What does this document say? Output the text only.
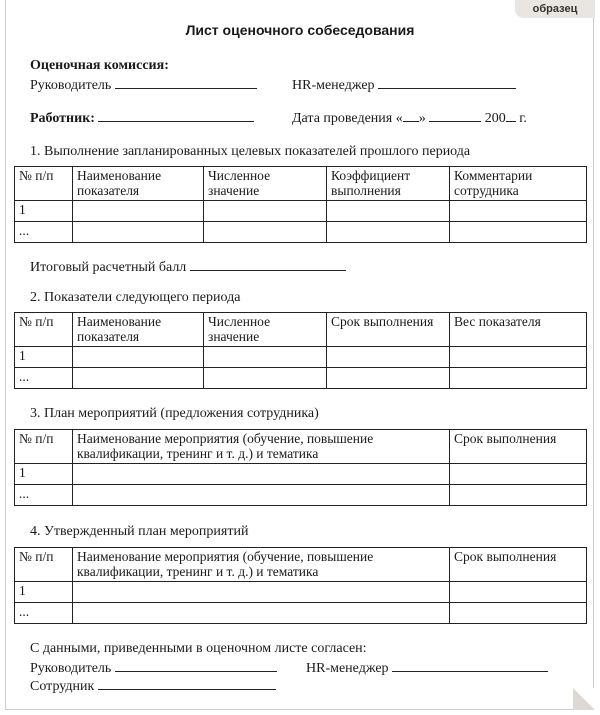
образец
Лист оценочного собеседования
Оценочная комиссия:
Руководитель	HR-менеджер
Работник:	Дата проведения « »	200 г.
1. Выполнение запланированных целевых показателей прошлого периода
№ п/п	Наименование показателя	Численное значение	Коэффициент выполнения	Комментарии сотрудника
1				
...				
Итоговый расчетный балл
2. Показатели следующего периода
№ п/п	Наименование показателя	Численное значение	Срок выполнения	Вес показателя
1				
...				
3. План мероприятий (предложения сотрудника)
№ п/п	Наименование мероприятия (обучение, повышение квалификации, тренинг и т. д.) и тематика	Срок выполнения
1		
...		
4. Утвержденный план мероприятий
№ п/п	Наименование мероприятия (обучение, повышение квалификации, тренинг и т. д.) и тематика	Срок выполнения
1		
...		
С данными, приведенными в оценочном листе согласен:
Руководитель	HR-менеджер
Сотрудник
